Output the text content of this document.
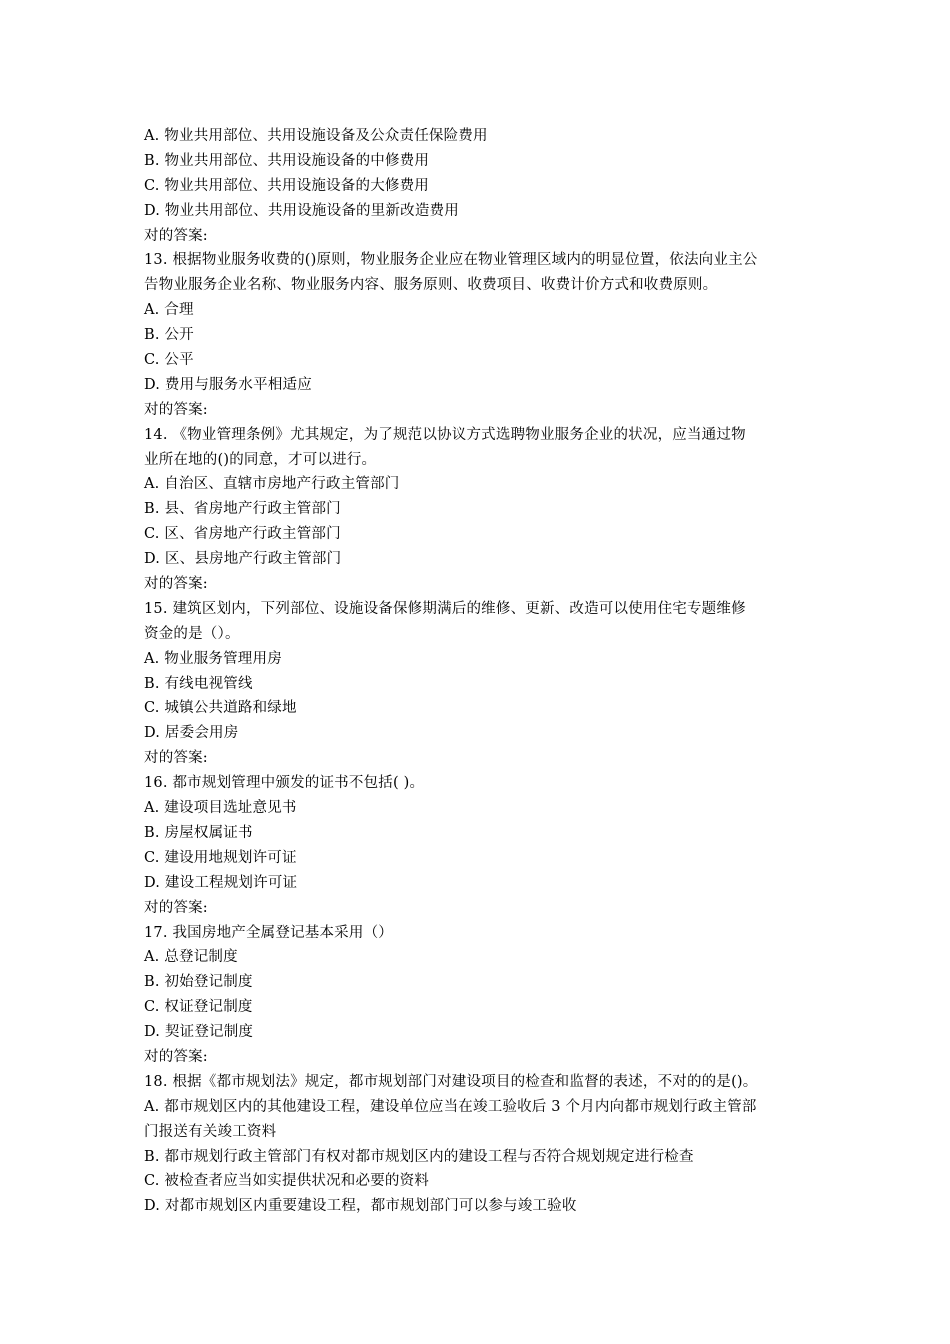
A. 物业共用部位、共用设施设备及公众责任保险费用
B. 物业共用部位、共用设施设备的中修费用
C. 物业共用部位、共用设施设备的大修费用
D. 物业共用部位、共用设施设备的里新改造费用
对的答案:
13. 根据物业服务收费的()原则，物业服务企业应在物业管理区域内的明显位置，依法向业主公
告物业服务企业名称、物业服务内容、服务原则、收费项目、收费计价方式和收费原则。
A. 合理
B. 公开
C. 公平
D. 费用与服务水平相适应
对的答案:
14. 《物业管理条例》尤其规定，为了规范以协议方式选聘物业服务企业的状况，应当通过物
业所在地的()的同意，才可以进行。
A. 自治区、直辖市房地产行政主管部门
B. 县、省房地产行政主管部门
C. 区、省房地产行政主管部门
D. 区、县房地产行政主管部门
对的答案:
15. 建筑区划内，下列部位、设施设备保修期满后的维修、更新、改造可以使用住宅专题维修
资金的是（）。
A. 物业服务管理用房
B. 有线电视管线
C. 城镇公共道路和绿地
D. 居委会用房
对的答案:
16. 都市规划管理中颁发的证书不包括( )。
A. 建设项目选址意见书
B. 房屋权属证书
C. 建设用地规划许可证
D. 建设工程规划许可证
对的答案:
17. 我国房地产全属登记基本采用（）
A. 总登记制度
B. 初始登记制度
C. 权证登记制度
D. 契证登记制度
对的答案:
18. 根据《都市规划法》规定，都市规划部门对建设项目的检查和监督的表述，不对的的是()。
A. 都市规划区内的其他建设工程，建设单位应当在竣工验收后 3 个月内向都市规划行政主管部
门报送有关竣工资料
B. 都市规划行政主管部门有权对都市规划区内的建设工程与否符合规划规定进行检查
C. 被检查者应当如实提供状况和必要的资料
D. 对都市规划区内重要建设工程，都市规划部门可以参与竣工验收
